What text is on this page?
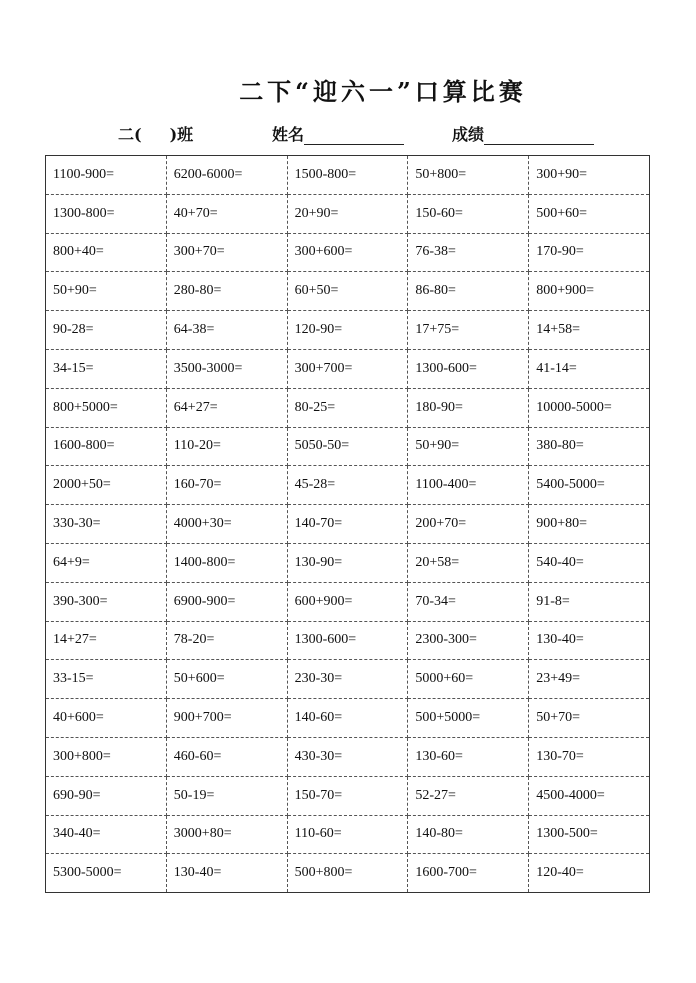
二下“迎六一”口算比赛
二( )班	姓名	成绩
1100-900=	6200-6000=	1500-800=	50+800=	300+90=
1300-800=	40+70=	20+90=	150-60=	500+60=
800+40=	300+70=	300+600=	76-38=	170-90=
50+90=	280-80=	60+50=	86-80=	800+900=
90-28=	64-38=	120-90=	17+75=	14+58=
34-15=	3500-3000=	300+700=	1300-600=	41-14=
800+5000=	64+27=	80-25=	180-90=	10000-5000=
1600-800=	110-20=	5050-50=	50+90=	380-80=
2000+50=	160-70=	45-28=	1100-400=	5400-5000=
330-30=	4000+30=	140-70=	200+70=	900+80=
64+9=	1400-800=	130-90=	20+58=	540-40=
390-300=	6900-900=	600+900=	70-34=	91-8=
14+27=	78-20=	1300-600=	2300-300=	130-40=
33-15=	50+600=	230-30=	5000+60=	23+49=
40+600=	900+700=	140-60=	500+5000=	50+70=
300+800=	460-60=	430-30=	130-60=	130-70=
690-90=	50-19=	150-70=	52-27=	4500-4000=
340-40=	3000+80=	110-60=	140-80=	1300-500=
5300-5000=	130-40=	500+800=	1600-700=	120-40=
